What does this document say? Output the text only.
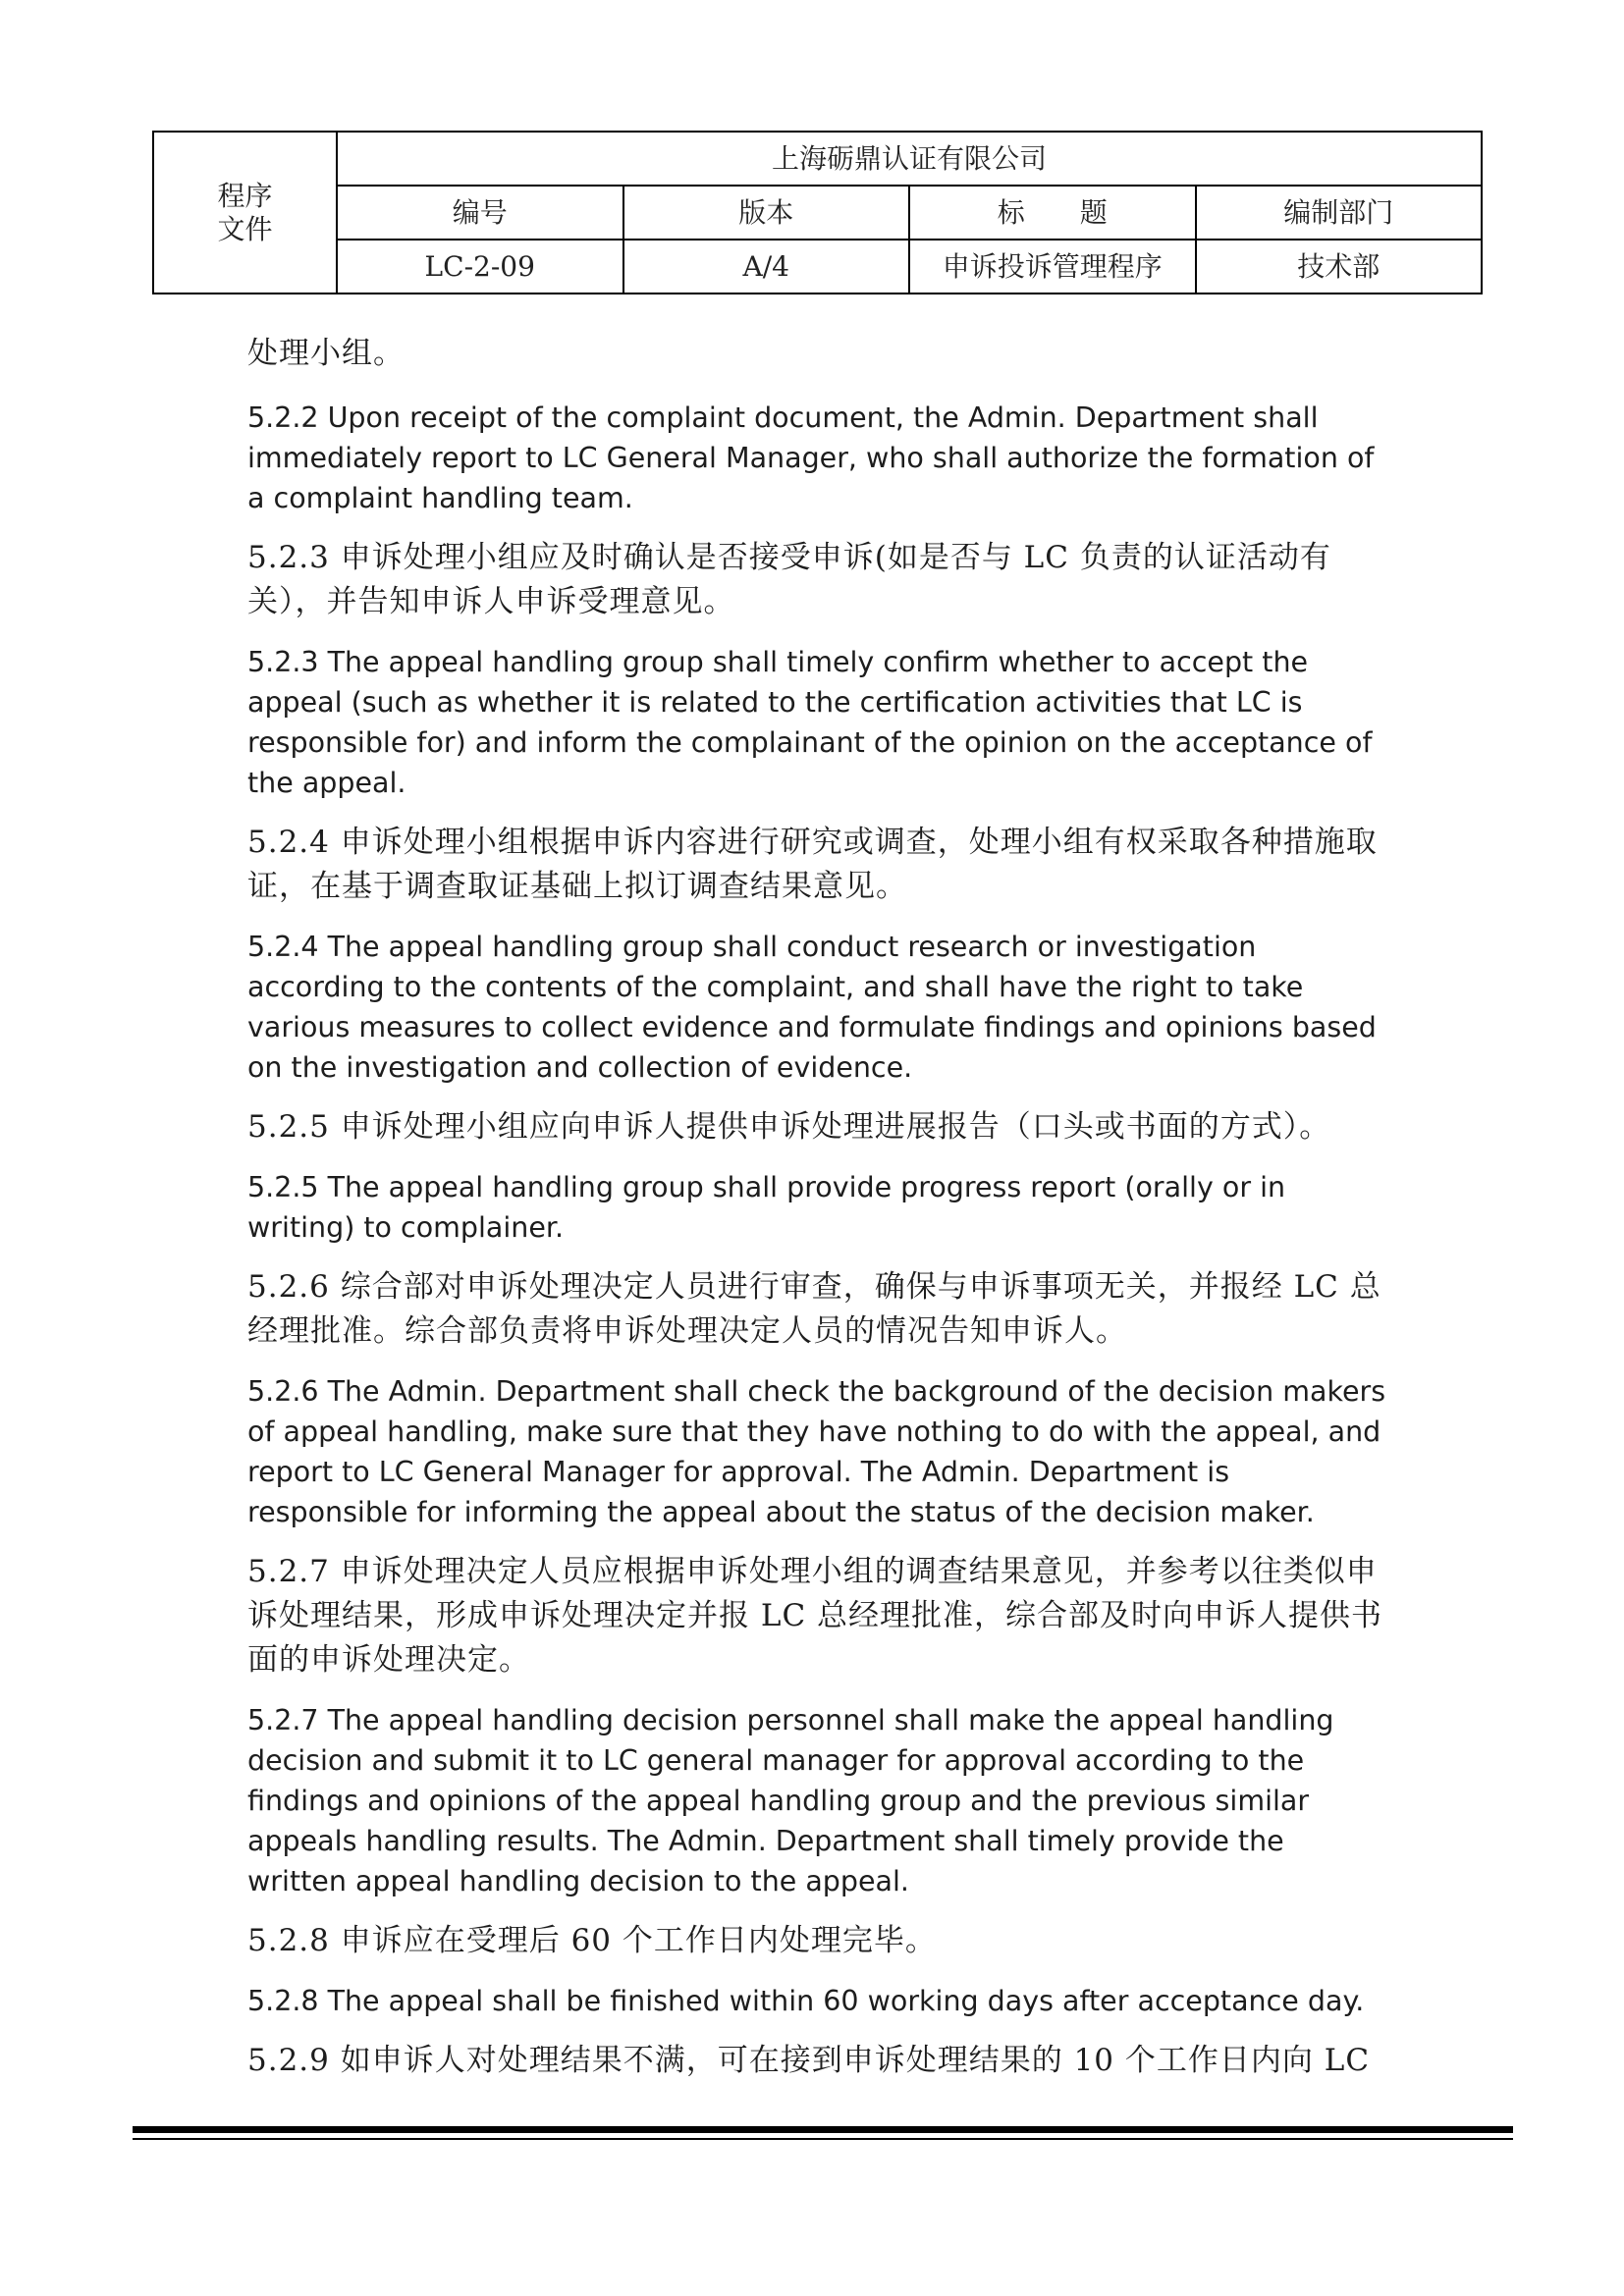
程序
文件	上海砺鼎认证有限公司			
	编号	版本	标　　题	编制部门
	LC-2-09	A/4	申诉投诉管理程序	技术部

处理小组。

5.2.2 Upon receipt of the complaint document, the Admin. Department shall immediately report to LC General Manager, who shall authorize the formation of a complaint handling team.

5.2.3 申诉处理小组应及时确认是否接受申诉(如是否与 LC 负责的认证活动有关），并告知申诉人申诉受理意见。

5.2.3 The appeal handling group shall timely confirm whether to accept the appeal (such as whether it is related to the certification activities that LC is responsible for) and inform the complainant of the opinion on the acceptance of the appeal.

5.2.4 申诉处理小组根据申诉内容进行研究或调查，处理小组有权采取各种措施取证，在基于调查取证基础上拟订调查结果意见。

5.2.4 The appeal handling group shall conduct research or investigation according to the contents of the complaint, and shall have the right to take various measures to collect evidence and formulate findings and opinions based on the investigation and collection of evidence.

5.2.5 申诉处理小组应向申诉人提供申诉处理进展报告（口头或书面的方式）。

5.2.5 The appeal handling group shall provide progress report (orally or in writing) to complainer.

5.2.6 综合部对申诉处理决定人员进行审查，确保与申诉事项无关，并报经 LC 总经理批准。综合部负责将申诉处理决定人员的情况告知申诉人。

5.2.6 The Admin. Department shall check the background of the decision makers of appeal handling, make sure that they have nothing to do with the appeal, and report to LC General Manager for approval. The Admin. Department is responsible for informing the appeal about the status of the decision maker.

5.2.7 申诉处理决定人员应根据申诉处理小组的调查结果意见，并参考以往类似申诉处理结果，形成申诉处理决定并报 LC 总经理批准，综合部及时向申诉人提供书面的申诉处理决定。

5.2.7 The appeal handling decision personnel shall make the appeal handling decision and submit it to LC general manager for approval according to the findings and opinions of the appeal handling group and the previous similar appeals handling results. The Admin. Department shall timely provide the written appeal handling decision to the appeal.

5.2.8 申诉应在受理后 60 个工作日内处理完毕。

5.2.8 The appeal shall be finished within 60 working days after acceptance day.

5.2.9 如申诉人对处理结果不满，可在接到申诉处理结果的 10 个工作日内向 LC
